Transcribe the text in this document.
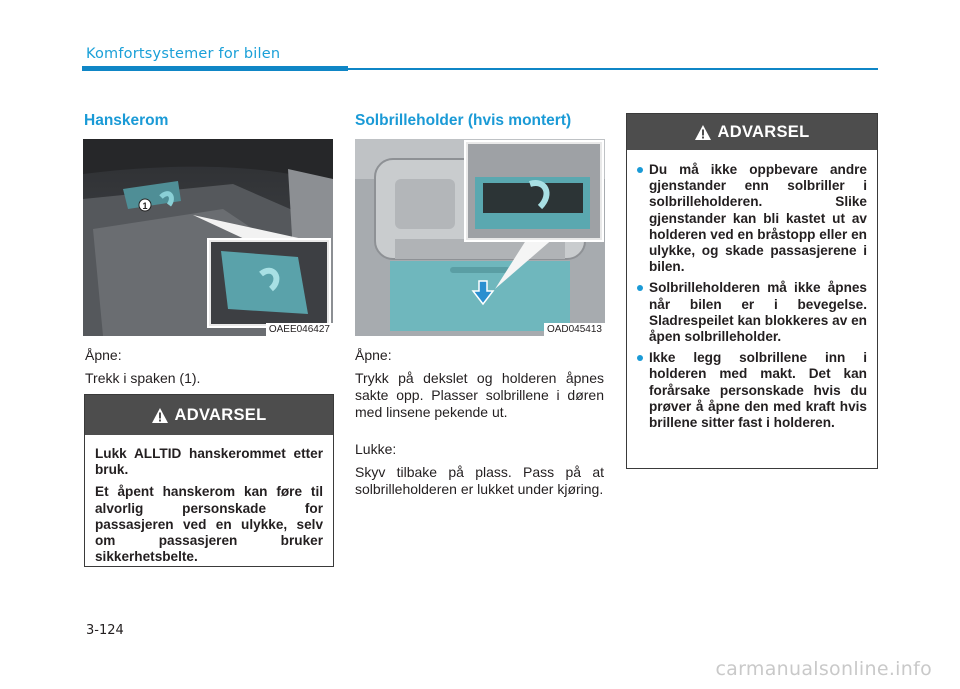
Komfortsystemer for bilen
Hanskerom
1
OAEE046427

Åpne:

Trekk i spaken (1).

ADVARSEL

Lukk ALLTID hanskerommet etter bruk.

Et åpent hanskerom kan føre til alvorlig personskade for passasjeren ved en ulykke, selv om passasjeren bruker sikkerhetsbelte.

Solbrilleholder (hvis montert)
OAD045413

Åpne:

Trykk på dekslet og holderen åpnes sakte opp. Plasser solbrillene i døren med linsene pekende ut.

Lukke:

Skyv tilbake på plass. Pass på at solbrilleholderen er lukket under kjøring.

ADVARSEL
Du må ikke oppbevare andre gjenstander enn solbriller i solbrilleholderen. Slike gjenstander kan bli kastet ut av holderen ved en bråstopp eller en ulykke, og skade passasjerene i bilen.
Solbrilleholderen må ikke åpnes når bilen er i bevegelse. Sladrespeilet kan blokkeres av en åpen solbrilleholder.
Ikke legg solbrillene inn i holderen med makt. Det kan forårsake personskade hvis du prøver å åpne den med kraft hvis brillene sitter fast i holderen.
3-124
carmanualsonline.info
